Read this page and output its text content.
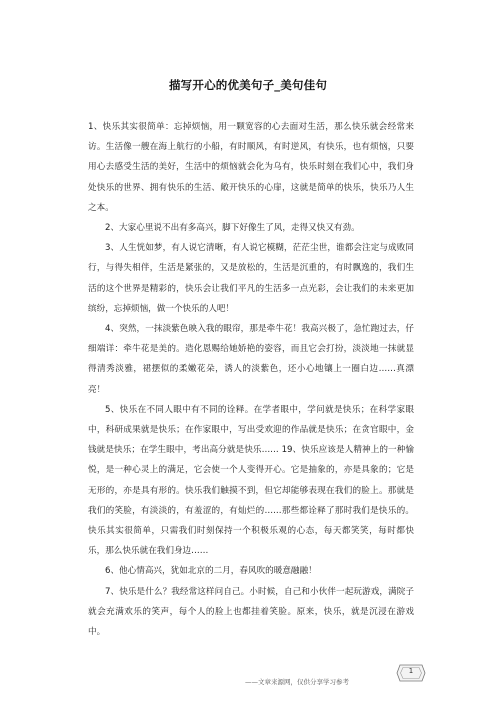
描写开心的优美句子_美句佳句

1、快乐其实很简单：忘掉烦恼，用一颗宽容的心去面对生活，那么快乐就会经常来访。生活像一艘在海上航行的小船，有时顺风，有时逆风，有快乐，也有烦恼，只要用心去感受生活的美好，生活中的烦恼就会化为乌有，快乐时刻在我们心中，我们身处快乐的世界、拥有快乐的生活、敞开快乐的心扉，这就是简单的快乐，快乐乃人生之本。

2、大家心里说不出有多高兴，脚下好像生了风，走得又快又有劲。

3、人生恍如梦，有人说它清晰，有人说它模糊，茫茫尘世，谁都会注定与成败同行，与得失相伴，生活是紧张的，又是放松的，生活是沉重的，有时飘逸的，我们生活的这个世界是精彩的，快乐会让我们平凡的生活多一点光彩，会让我们的未来更加缤纷，忘掉烦恼，做一个快乐的人吧！

4、突然，一抹淡紫色映入我的眼帘，那是牵牛花！我高兴极了，急忙跑过去，仔细端详：牵牛花是美的。造化恩赐给她娇艳的姿容，而且它会打扮，淡淡地一抹就显得清秀淡雅，裙摆似的柔嫩花朵，诱人的淡紫色，还小心地镶上一圈白边……真漂亮！

5、快乐在不同人眼中有不同的诠释。在学者眼中，学问就是快乐；在科学家眼中，科研成果就是快乐；在作家眼中，写出受欢迎的作品就是快乐；在贪官眼中，金钱就是快乐；在学生眼中，考出高分就是快乐…… 19、快乐应该是人精神上的一种愉悦，是一种心灵上的满足，它会使一个人变得开心。它是抽象的，亦是具象的；它是无形的，亦是具有形的。快乐我们触摸不到，但它却能够表现在我们的脸上。那就是我们的笑脸，有淡淡的，有羞涩的，有灿烂的……那些都诠释了那时我们是快乐的。快乐其实很简单，只需我们时刻保持一个积极乐观的心态，每天都笑笑，每时都快乐，那么快乐就在我们身边……

6、他心情高兴，犹如北京的二月，春风吹的暖意融融！

7、快乐是什么？我经常这样问自己。小时候，自己和小伙伴一起玩游戏，满院子就会充满欢乐的笑声，每个人的脸上也都挂着笑脸。原来，快乐，就是沉浸在游戏中。

1
——文章来源网，仅供分享学习参考
